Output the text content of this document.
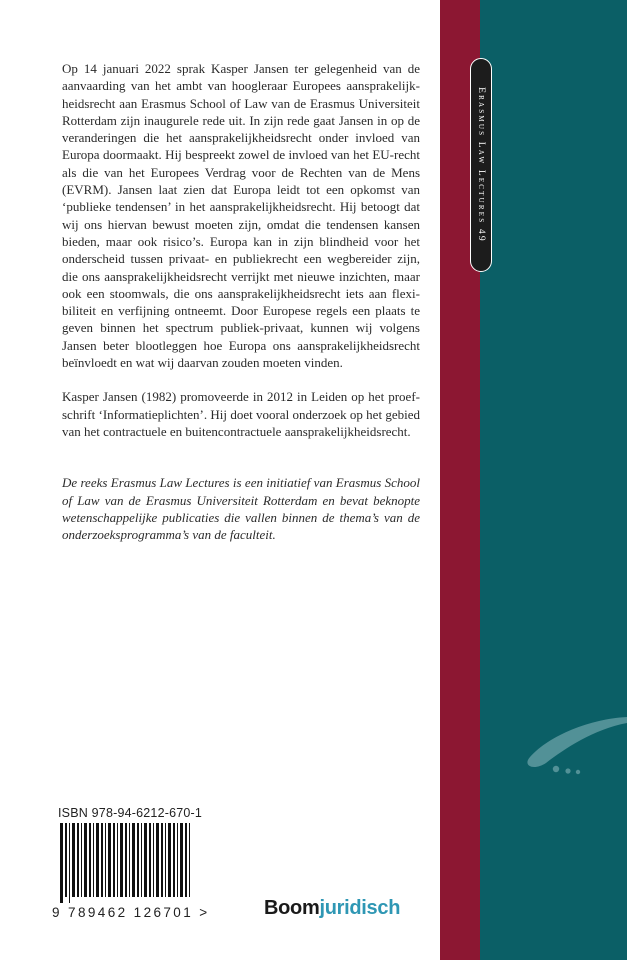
Op 14 januari 2022 sprak Kasper Jansen ter gelegenheid van de aanvaarding van het ambt van hoogleraar Europees aansprakelijkheidsrecht aan Erasmus School of Law van de Erasmus Universiteit Rotterdam zijn inaugurele rede uit. In zijn rede gaat Jansen in op de veranderingen die het aansprakelijkheidsrecht onder invloed van Europa doormaakt. Hij bespreekt zowel de invloed van het EU-recht als die van het Europees Verdrag voor de Rechten van de Mens (EVRM). Jansen laat zien dat Europa leidt tot een opkomst van ‘publieke tendensen’ in het aansprakelijkheidsrecht. Hij betoogt dat wij ons hiervan bewust moeten zijn, omdat die tendensen kansen bieden, maar ook risico’s. Europa kan in zijn blindheid voor het onderscheid tussen privaat- en publiekrecht een wegbereider zijn, die ons aansprakelijkheidsrecht verrijkt met nieuwe inzichten, maar ook een stoomwals, die ons aansprakelijkheidsrecht iets aan flexibiliteit en verfijning ontneemt. Door Europese regels een plaats te geven binnen het spectrum publiek-privaat, kunnen wij volgens Jansen beter blootleggen hoe Europa ons aansprakelijkheidsrecht beïnvloedt en wat wij daarvan zouden moeten vinden.

Kasper Jansen (1982) promoveerde in 2012 in Leiden op het proefschrift ‘Informatieplichten’. Hij doet vooral onderzoek op het gebied van het contractuele en buitencontractuele aansprakelijkheidsrecht.

De reeks Erasmus Law Lectures is een initiatief van Erasmus School of Law van de Erasmus Universiteit Rotterdam en bevat beknopte wetenschappelijke publicaties die vallen binnen de thema’s van de onderzoeksprogramma’s van de faculteit.

ISBN 978-94-6212-670-1
9 789462 126701 >	Boomjuridisch
Erasmus Law Lectures 49
